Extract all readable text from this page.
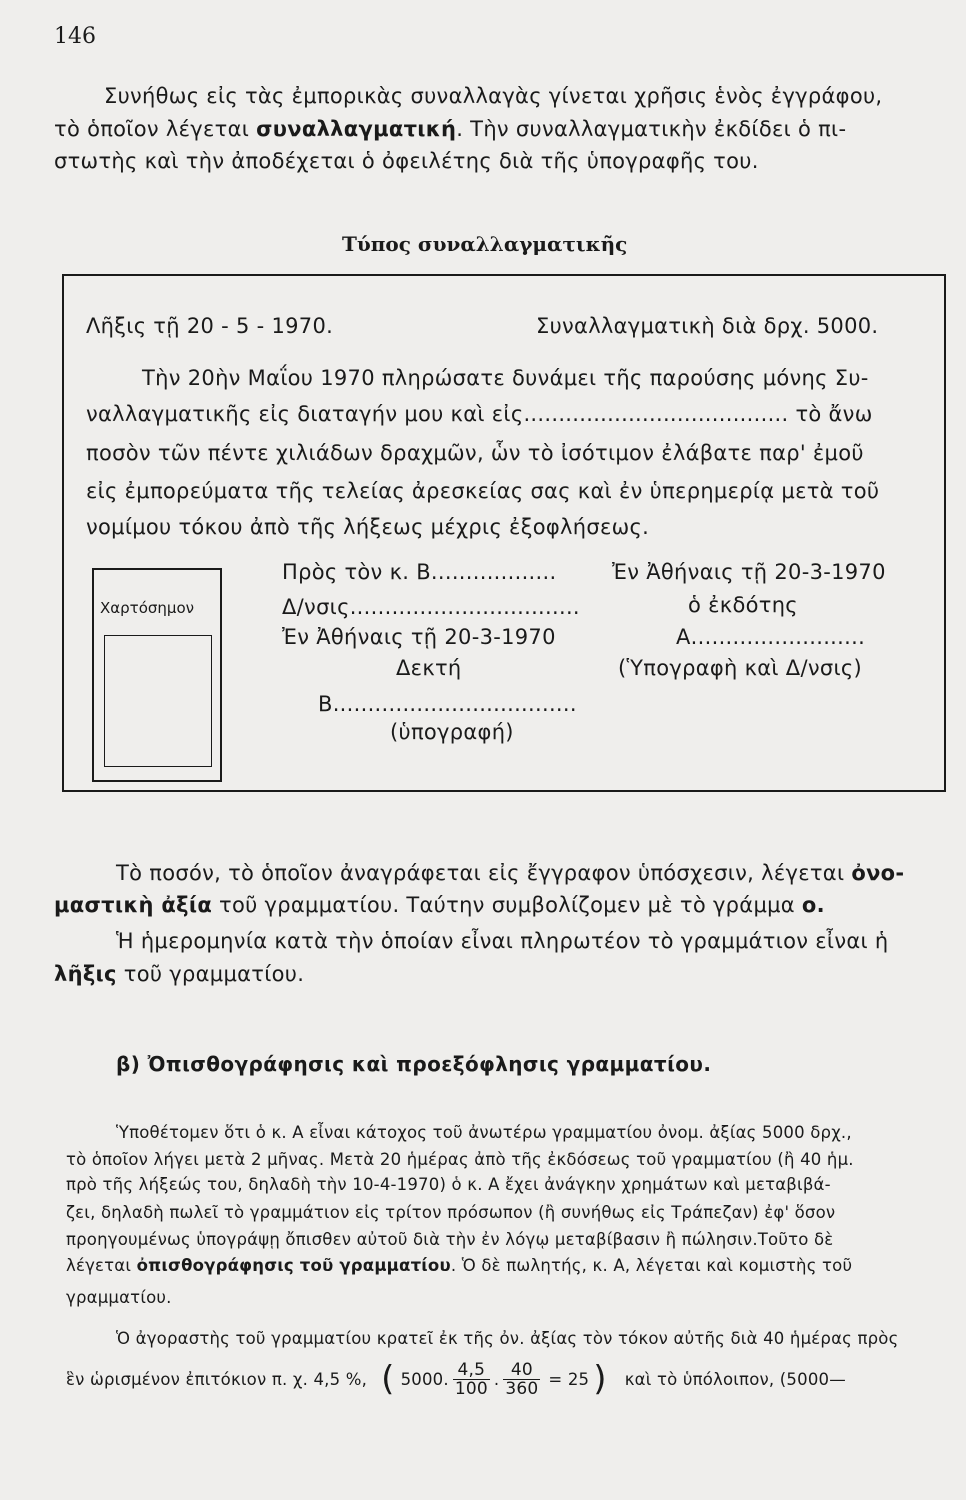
146
Συνήθως εἰς τὰς ἐμπορικὰς συναλλαγὰς γίνεται χρῆσις ἑνὸς ἐγγράφου,
τὸ ὁποῖον λέγεται συναλλαγματική. Τὴν συναλλαγματικὴν ἐκδίδει ὁ πι-
στωτὴς καὶ τὴν ἀποδέχεται ὁ ὀφειλέτης διὰ τῆς ὑπογραφῆς του.
Τύπος συναλλαγματικῆς
Λῆξις τῇ 20 - 5 - 1970.	Συναλλαγματικὴ διὰ δρχ. 5000.
Τὴν 20ὴν Μαΐου 1970 πληρώσατε δυνάμει τῆς παρούσης μόνης Συ-
ναλλαγματικῆς εἰς διαταγήν μου καὶ εἰς...................................... τὸ ἄνω
ποσὸν τῶν πέντε χιλιάδων δραχμῶν, ὧν τὸ ἰσότιμον ἐλάβατε παρ' ἐμοῦ
εἰς ἐμπορεύματα τῆς τελείας ἀρεσκείας σας καὶ ἐν ὑπερημερίᾳ μετὰ τοῦ
νομίμου τόκου ἀπὸ τῆς λήξεως μέχρις ἐξοφλήσεως.
Χαρτόσημον
Πρὸς τὸν κ. Β..................
Δ/νσις.................................
Ἐν Ἀθήναις τῇ 20-3-1970
Δεκτή
Β...................................
(ὑπογραφή)
Ἐν Ἀθήναις τῇ 20-3-1970
ὁ ἐκδότης
Α.........................
(Ὑπογραφὴ καὶ Δ/νσις)
Τὸ ποσόν, τὸ ὁποῖον ἀναγράφεται εἰς ἔγγραφον ὑπόσχεσιν, λέγεται ὀνο-
μαστικὴ ἀξία τοῦ γραμματίου. Ταύτην συμβολίζομεν μὲ τὸ γράμμα ο.
Ἡ ἡμερομηνία κατὰ τὴν ὁποίαν εἶναι πληρωτέον τὸ γραμμάτιον εἶναι ἡ
λῆξις τοῦ γραμματίου.
β) Ὀπισθογράφησις καὶ προεξόφλησις γραμματίου.
Ὑποθέτομεν ὅτι ὁ κ. Α εἶναι κάτοχος τοῦ ἀνωτέρω γραμματίου ὀνομ. ἀξίας 5000 δρχ.,
τὸ ὁποῖον λήγει μετὰ 2 μῆνας. Μετὰ 20 ἡμέρας ἀπὸ τῆς ἐκδόσεως τοῦ γραμματίου (ἢ 40 ἡμ.
πρὸ τῆς λήξεώς του, δηλαδὴ τὴν 10-4-1970) ὁ κ. Α ἔχει ἀνάγκην χρημάτων καὶ μεταβιβά-
ζει, δηλαδὴ πωλεῖ τὸ γραμμάτιον εἰς τρίτον πρόσωπον (ἢ συνήθως εἰς Τράπεζαν) ἐφ' ὅσον
προηγουμένως ὑπογράψῃ ὄπισθεν αὐτοῦ διὰ τὴν ἐν λόγῳ μεταβίβασιν ἢ πώλησιν.Τοῦτο δὲ
λέγεται ὀπισθογράφησις τοῦ γραμματίου. Ὁ δὲ πωλητής, κ. Α, λέγεται καὶ κομιστὴς τοῦ
γραμματίου.
Ὁ ἀγοραστὴς τοῦ γραμματίου κρατεῖ ἐκ τῆς ὀν. ἀξίας τὸν τόκον αὐτῆς διὰ 40 ἡμέρας πρὸς
ἓν ὡρισμένον ἐπιτόκιον π. χ. 4,5 %, ( 5000. $\frac{4,5}{100}$ . $\frac{40}{360} = 25$ ) καὶ τὸ ὑπόλοιπον, (5000—
